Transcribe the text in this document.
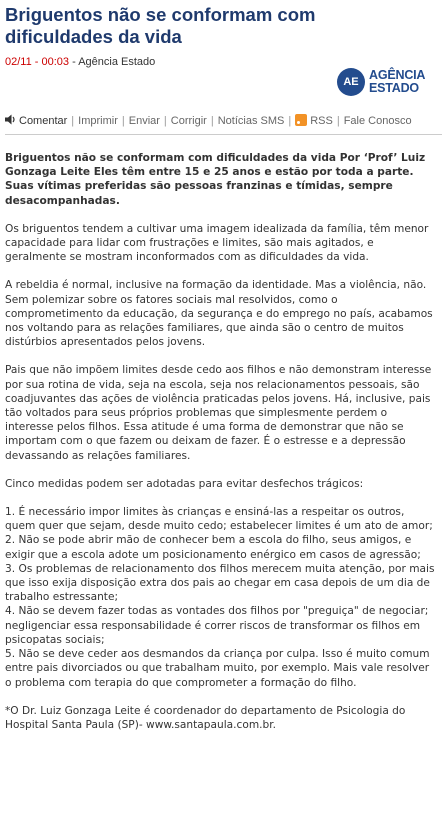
Briguentos não se conformam com dificuldades da vida
02/11 - 00:03 - Agência Estado
AE AGÊNCIA
ESTADO
Comentar | Imprimir | Enviar | Corrigir | Notícias SMS |	RSS | Fale Conosco

Briguentos não se conformam com dificuldades da vida Por ‘Prof’ Luiz Gonzaga Leite Eles têm entre 15 e 25 anos e estão por toda a parte. Suas vítimas preferidas são pessoas franzinas e tímidas, sempre desacompanhadas.

Os briguentos tendem a cultivar uma imagem idealizada da família, têm menor capacidade para lidar com frustrações e limites, são mais agitados, e geralmente se mostram inconformados com as dificuldades da vida.

A rebeldia é normal, inclusive na formação da identidade. Mas a violência, não. Sem polemizar sobre os fatores sociais mal resolvidos, como o comprometimento da educação, da segurança e do emprego no país, acabamos nos voltando para as relações familiares, que ainda são o centro de muitos distúrbios apresentados pelos jovens.

Pais que não impõem limites desde cedo aos filhos e não demonstram interesse por sua rotina de vida, seja na escola, seja nos relacionamentos pessoais, são coadjuvantes das ações de violência praticadas pelos jovens. Há, inclusive, pais tão voltados para seus próprios problemas que simplesmente perdem o interesse pelos filhos. Essa atitude é uma forma de demonstrar que não se importam com o que fazem ou deixam de fazer. É o estresse e a depressão devassando as relações familiares.

Cinco medidas podem ser adotadas para evitar desfechos trágicos:

1. É necessário impor limites às crianças e ensiná-las a respeitar os outros, quem quer que sejam, desde muito cedo; estabelecer limites é um ato de amor;

2. Não se pode abrir mão de conhecer bem a escola do filho, seus amigos, e exigir que a escola adote um posicionamento enérgico em casos de agressão;

3. Os problemas de relacionamento dos filhos merecem muita atenção, por mais que isso exija disposição extra dos pais ao chegar em casa depois de um dia de trabalho estressante;

4. Não se devem fazer todas as vontades dos filhos por "preguiça" de negociar; negligenciar essa responsabilidade é correr riscos de transformar os filhos em psicopatas sociais;

5. Não se deve ceder aos desmandos da criança por culpa. Isso é muito comum entre pais divorciados ou que trabalham muito, por exemplo. Mais vale resolver o problema com terapia do que comprometer a formação do filho.

*O Dr. Luiz Gonzaga Leite é coordenador do departamento de Psicologia do Hospital Santa Paula (SP)- www.santapaula.com.br.
